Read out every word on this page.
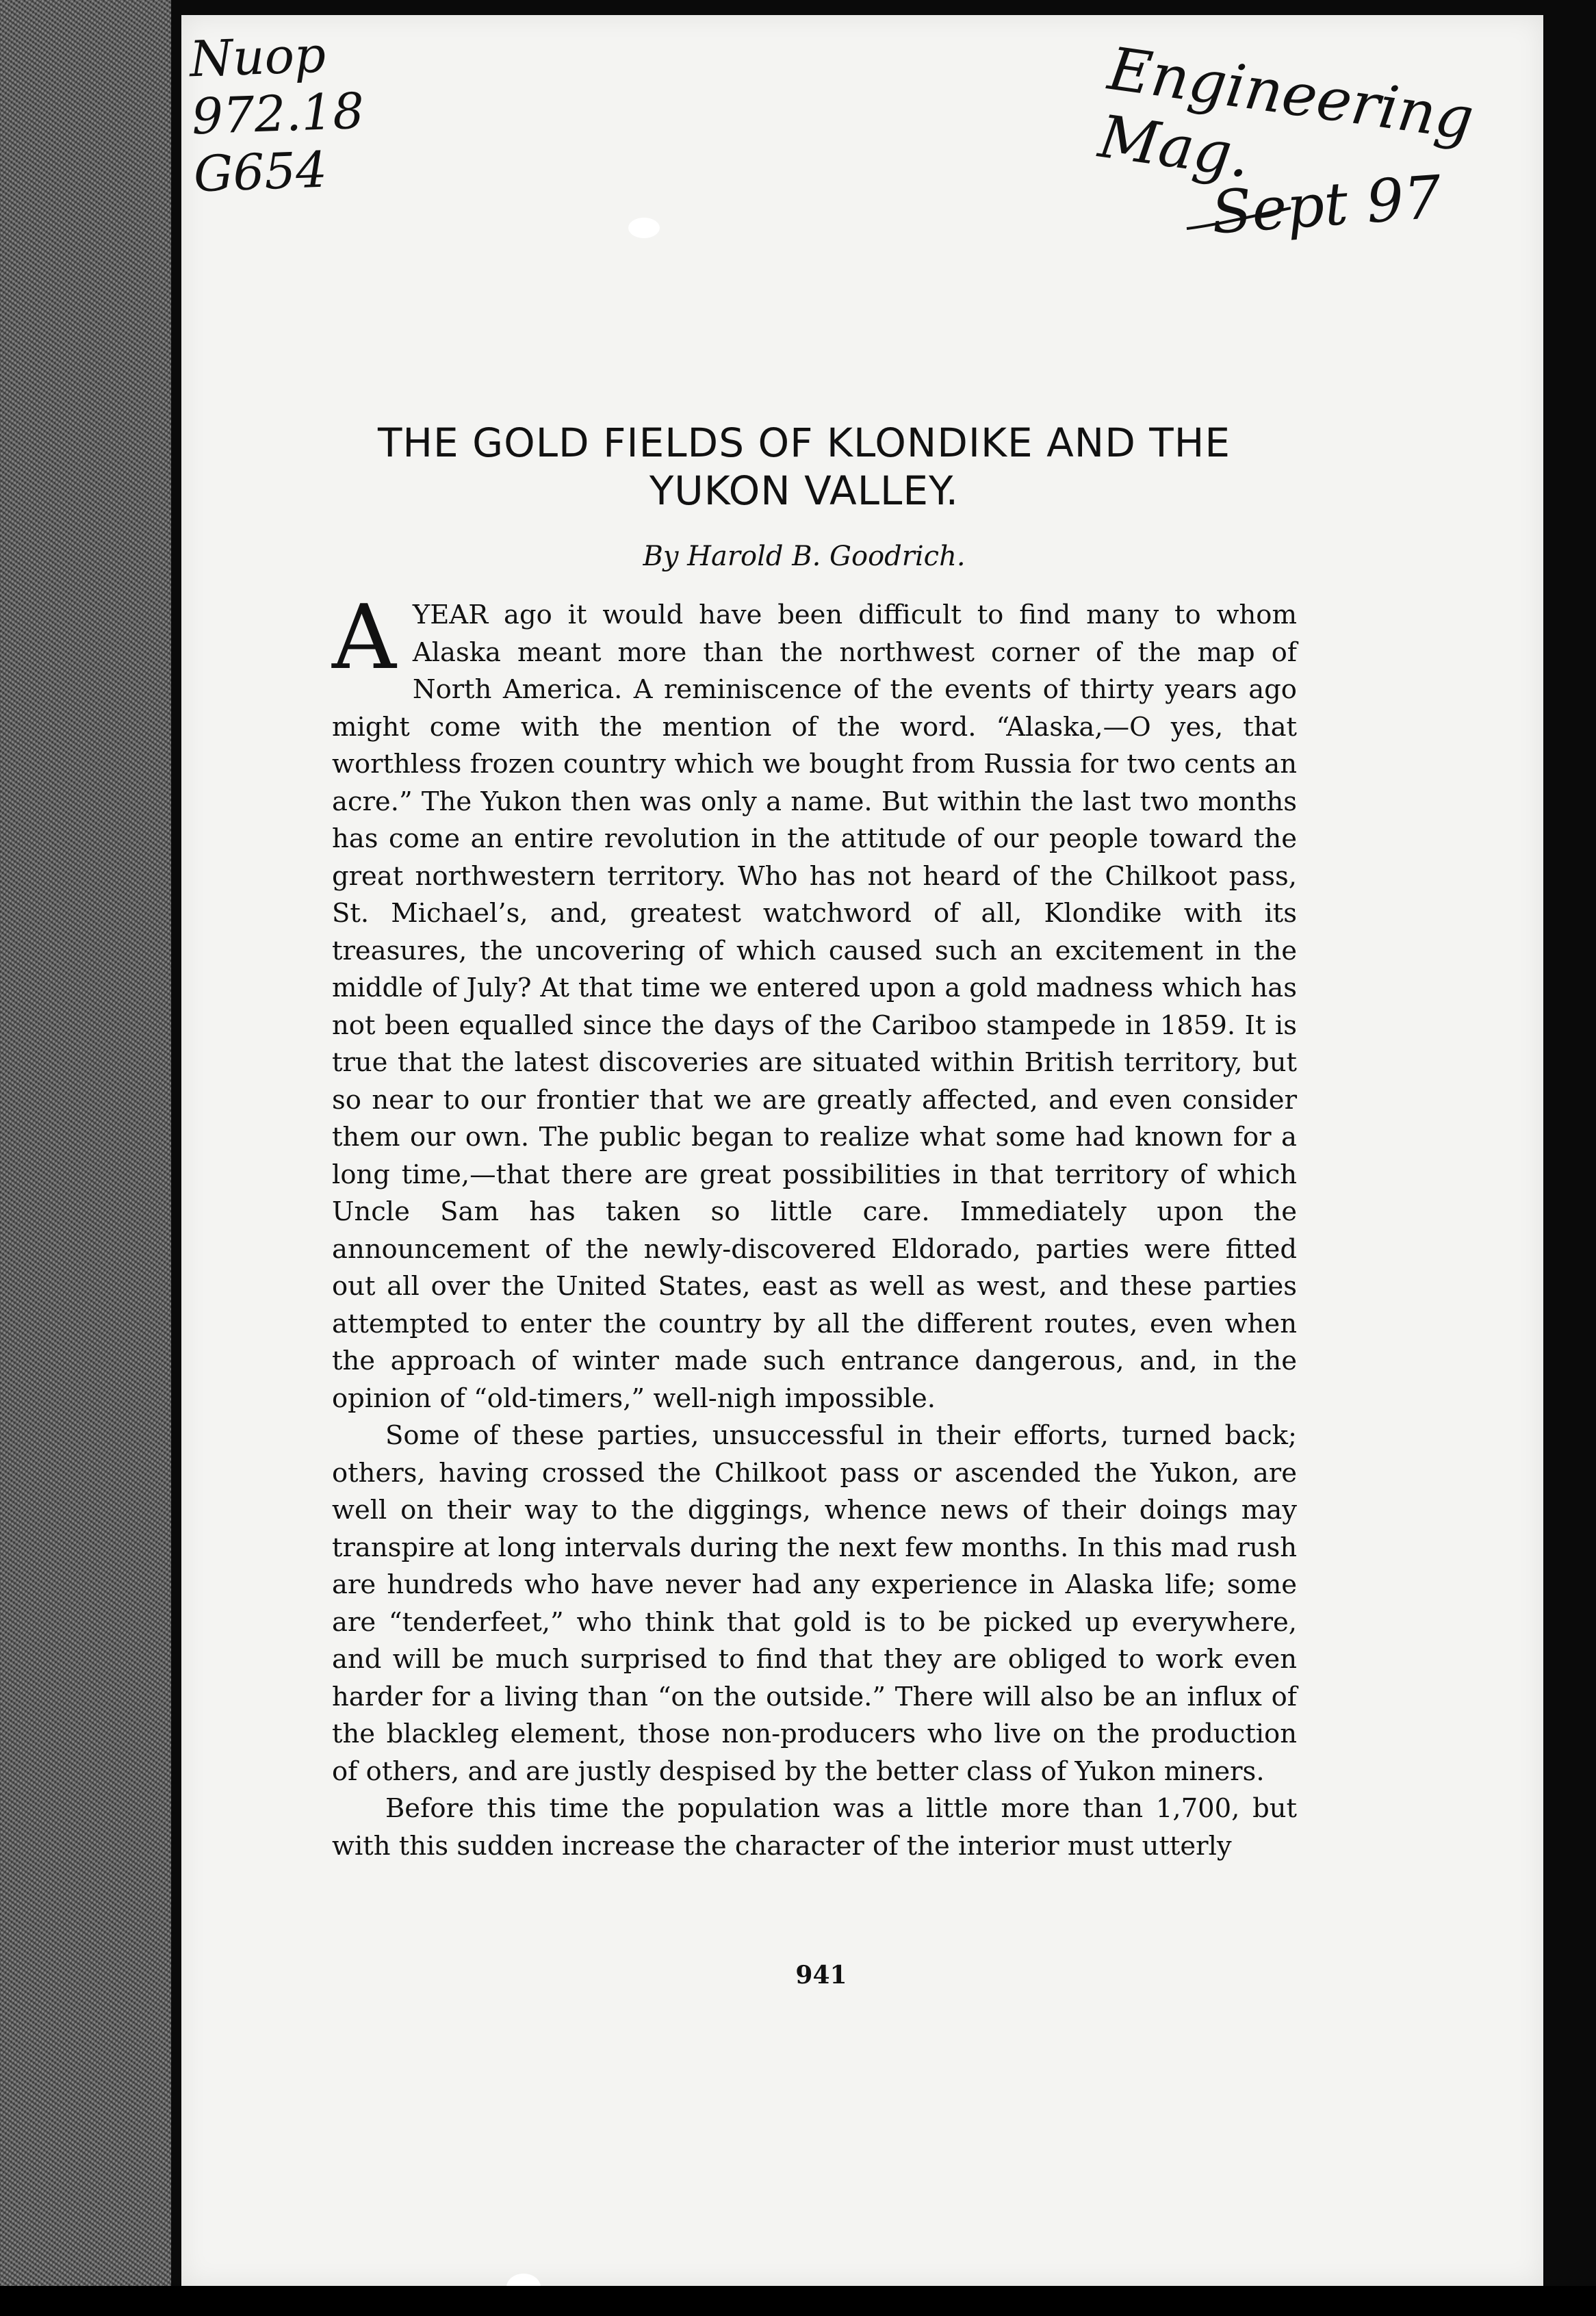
Nuop
972.18
G654
Engineering Mag.
Sept 97
THE GOLD FIELDS OF KLONDIKE AND THE
YUKON VALLEY.

By Harold B. Goodrich.

A YEAR ago it would have been difficult to find many to whom Alaska meant more than the northwest corner of the map of North America. A reminiscence of the events of thirty years ago might come with the mention of the word. “Alaska,—O yes, that worthless frozen country which we bought from Russia for two cents an acre.” The Yukon then was only a name. But within the last two months has come an entire revolution in the attitude of our people toward the great northwestern territory. Who has not heard of the Chilkoot pass, St. Michael’s, and, greatest watchword of all, Klondike with its treasures, the uncovering of which caused such an excitement in the middle of July? At that time we entered upon a gold madness which has not been equalled since the days of the Cariboo stampede in 1859. It is true that the latest discoveries are situated within British territory, but so near to our frontier that we are greatly affected, and even consider them our own. The public began to realize what some had known for a long time,—that there are great possibilities in that territory of which Uncle Sam has taken so little care. Immediately upon the announcement of the newly-discovered Eldorado, parties were fitted out all over the United States, east as well as west, and these parties attempted to enter the country by all the different routes, even when the approach of winter made such entrance dangerous, and, in the opinion of “old-timers,” well-nigh impossible.

Some of these parties, unsuccessful in their efforts, turned back; others, having crossed the Chilkoot pass or ascended the Yukon, are well on their way to the diggings, whence news of their doings may transpire at long intervals during the next few months. In this mad rush are hundreds who have never had any experience in Alaska life; some are “tenderfeet,” who think that gold is to be picked up everywhere, and will be much surprised to find that they are obliged to work even harder for a living than “on the outside.” There will also be an influx of the blackleg element, those non-producers who live on the production of others, and are justly despised by the better class of Yukon miners.

Before this time the population was a little more than 1,700, but with this sudden increase the character of the interior must utterly

941
